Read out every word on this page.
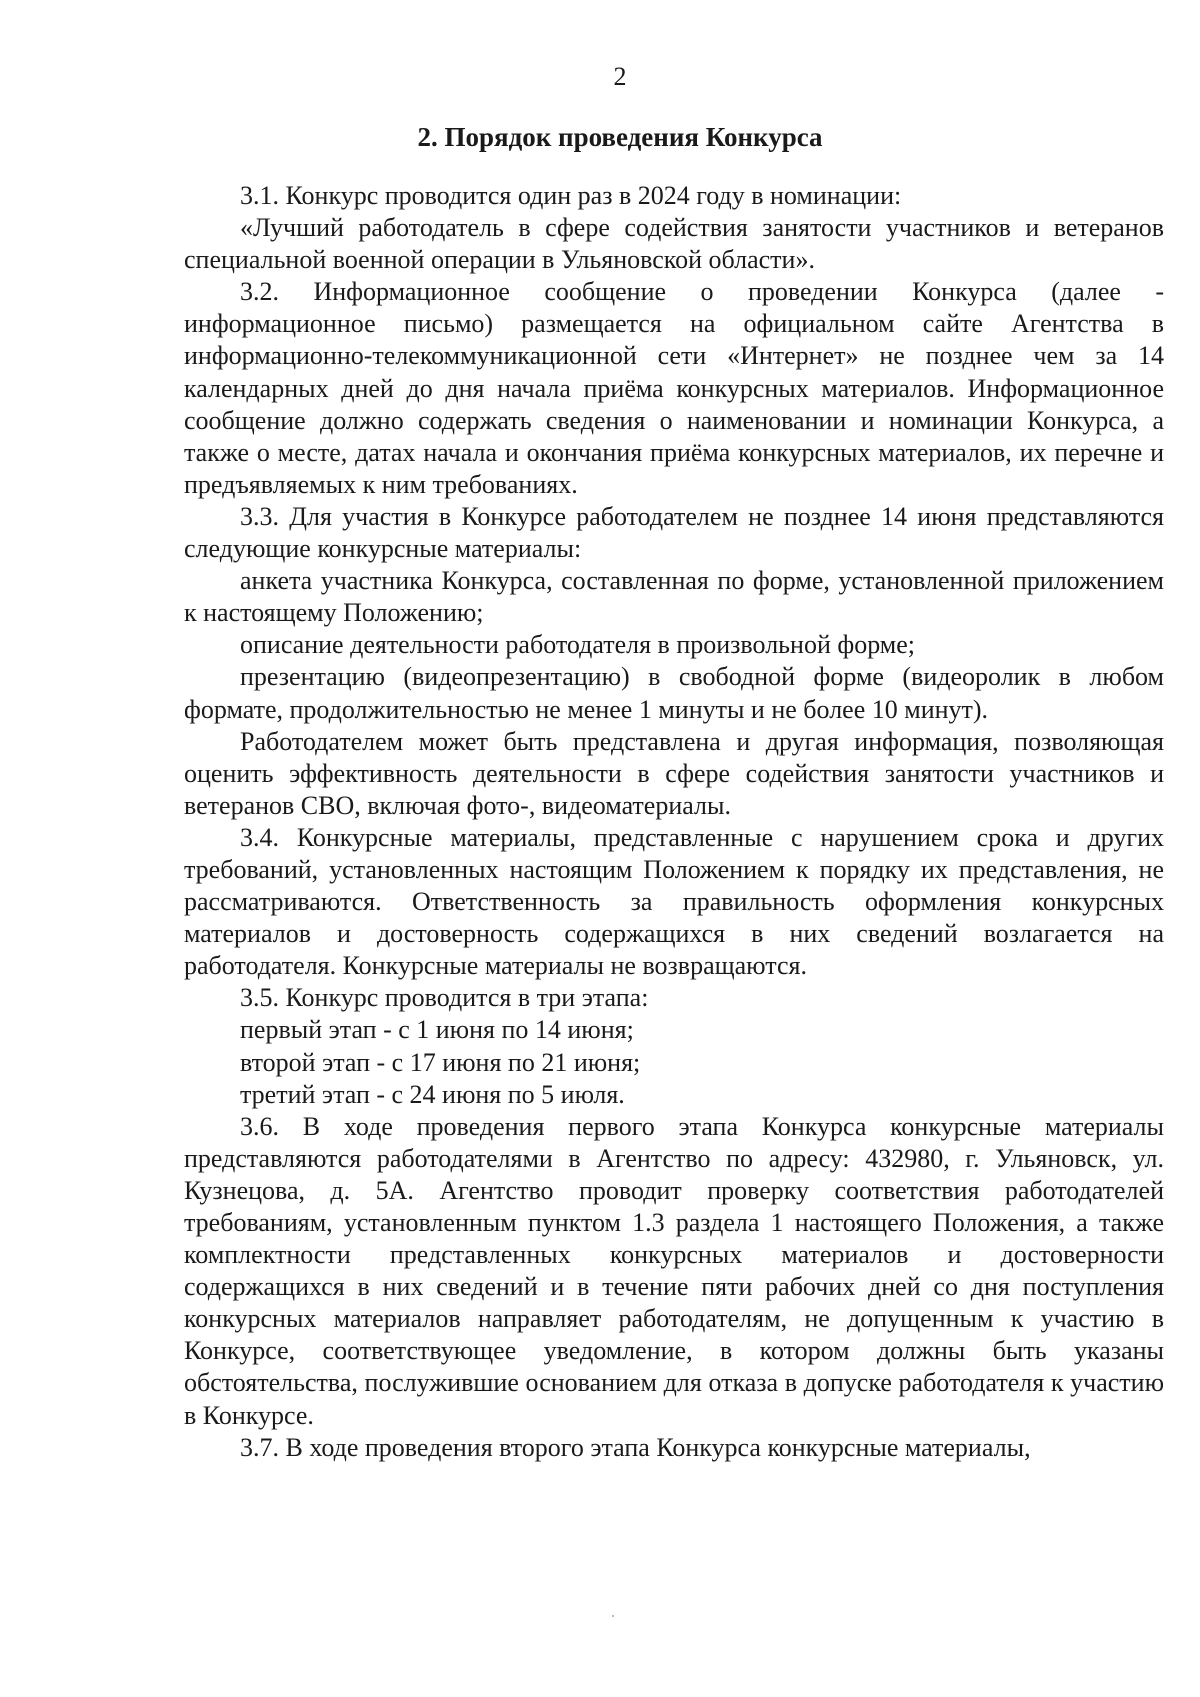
2
2. Порядок проведения Конкурса

3.1. Конкурс проводится один раз в 2024 году в номинации:

«Лучший работодатель в сфере содействия занятости участников и ветеранов специальной военной операции в Ульяновской области».

3.2. Информационное сообщение о проведении Конкурса (далее - информационное письмо) размещается на официальном сайте Агентства в информационно-телекоммуникационной сети «Интернет» не позднее чем за 14 календарных дней до дня начала приёма конкурсных материалов. Информационное сообщение должно содержать сведения о наименовании и номинации Конкурса, а также о месте, датах начала и окончания приёма конкурсных материалов, их перечне и предъявляемых к ним требованиях.

3.3. Для участия в Конкурсе работодателем не позднее 14 июня представляются следующие конкурсные материалы:

анкета участника Конкурса, составленная по форме, установленной приложением к настоящему Положению;

описание деятельности работодателя в произвольной форме;

презентацию (видеопрезентацию) в свободной форме (видеоролик в любом формате, продолжительностью не менее 1 минуты и не более 10 минут).

Работодателем может быть представлена и другая информация, позволяющая оценить эффективность деятельности в сфере содействия занятости участников и ветеранов СВО, включая фото-, видеоматериалы.

3.4. Конкурсные материалы, представленные с нарушением срока и других требований, установленных настоящим Положением к порядку их представления, не рассматриваются. Ответственность за правильность оформления конкурсных материалов и достоверность содержащихся в них сведений возлагается на работодателя. Конкурсные материалы не возвращаются.

3.5. Конкурс проводится в три этапа:

первый этап - с 1 июня по 14 июня;

второй этап - с 17 июня по 21 июня;

третий этап - с 24 июня по 5 июля.

3.6. В ходе проведения первого этапа Конкурса конкурсные материалы представляются работодателями в Агентство по адресу: 432980, г. Ульяновск, ул. Кузнецова, д. 5А. Агентство проводит проверку соответствия работодателей требованиям, установленным пунктом 1.3 раздела 1 настоящего Положения, а также комплектности представленных конкурсных материалов и достоверности содержащихся в них сведений и в течение пяти рабочих дней со дня поступления конкурсных материалов направляет работодателям, не допущенным к участию в Конкурсе, соответствующее уведомление, в котором должны быть указаны обстоятельства, послужившие основанием для отказа в допуске работодателя к участию в Конкурсе.

3.7. В ходе проведения второго этапа Конкурса конкурсные материалы,
